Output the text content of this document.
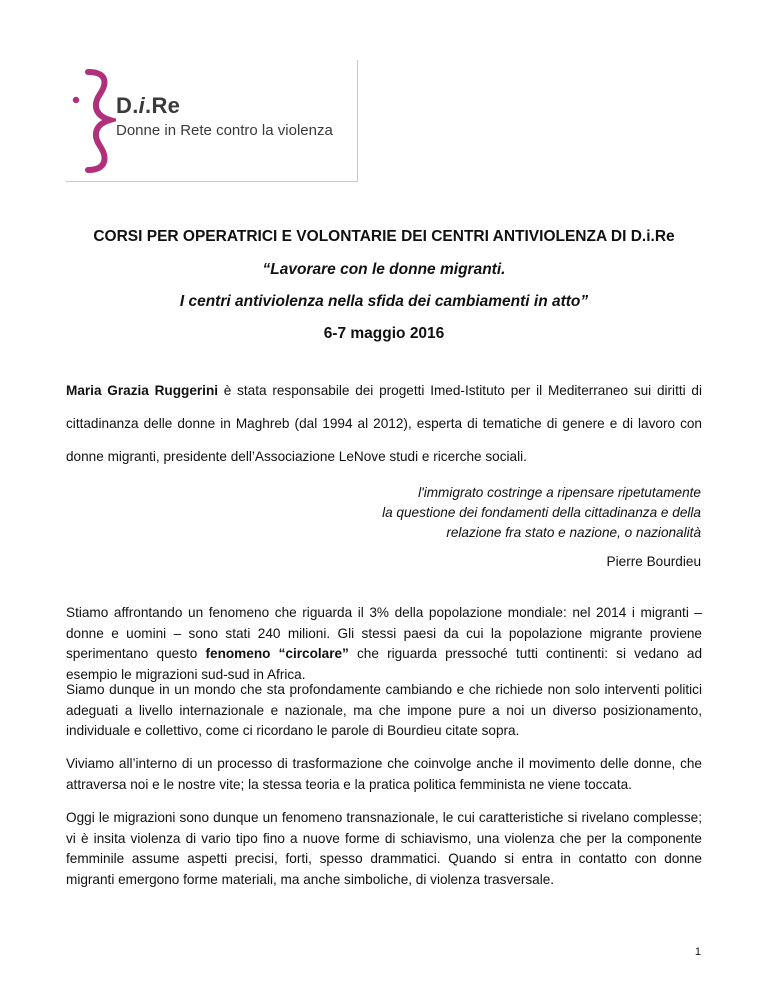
D.i.Re
Donne in Rete contro la violenza
CORSI PER OPERATRICI E VOLONTARIE DEI CENTRI ANTIVIOLENZA DI D.i.Re
“Lavorare con le donne migranti.
I centri antiviolenza nella sfida dei cambiamenti in atto”
6-7 maggio 2016
Maria Grazia Ruggerini è stata responsabile dei progetti Imed-Istituto per il Mediterraneo sui diritti di cittadinanza delle donne in Maghreb (dal 1994 al 2012), esperta di tematiche di genere e di lavoro con donne migranti, presidente dell’Associazione LeNove studi e ricerche sociali.
l'immigrato costringe a ripensare ripetutamente
la questione dei fondamenti della cittadinanza e della
relazione fra stato e nazione, o nazionalità
Pierre Bourdieu
Stiamo affrontando un fenomeno che riguarda il 3% della popolazione mondiale: nel 2014 i migranti – donne e uomini – sono stati 240 milioni. Gli stessi paesi da cui la popolazione migrante proviene sperimentano questo fenomeno “circolare” che riguarda pressoché tutti continenti: si vedano ad esempio le migrazioni sud-sud in Africa.
Siamo dunque in un mondo che sta profondamente cambiando e che richiede non solo interventi politici adeguati a livello internazionale e nazionale, ma che impone pure a noi un diverso posizionamento, individuale e collettivo, come ci ricordano le parole di Bourdieu citate sopra.
Viviamo all’interno di un processo di trasformazione che coinvolge anche il movimento delle donne, che attraversa noi e le nostre vite; la stessa teoria e la pratica politica femminista ne viene toccata.
Oggi le migrazioni sono dunque un fenomeno transnazionale, le cui caratteristiche si rivelano complesse; vi è insita violenza di vario tipo fino a nuove forme di schiavismo, una violenza che per la componente femminile assume aspetti precisi, forti, spesso drammatici. Quando si entra in contatto con donne migranti emergono forme materiali, ma anche simboliche, di violenza trasversale.
1
